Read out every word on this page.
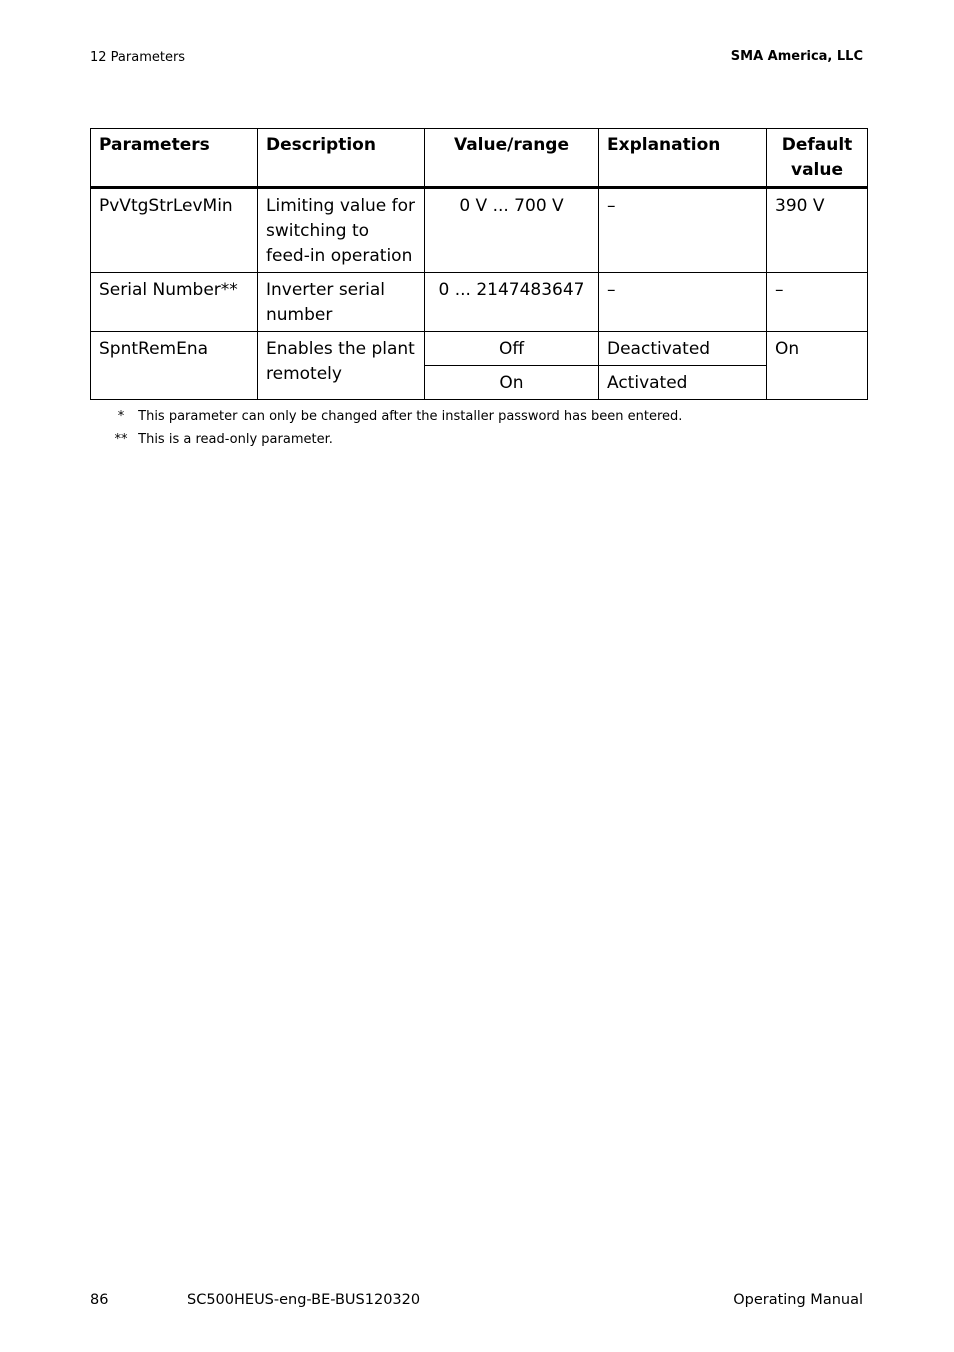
12 Parameters	SMA America, LLC
Parameters	Description	Value/range	Explanation	Default value
PvVtgStrLevMin	Limiting value for switching to feed-in operation	0 V ... 700 V	–	390 V
Serial Number**	Inverter serial number	0 ... 2147483647	–	–
SpntRemEna	Enables the plant remotely	Off	Deactivated	On
		On	Activated	
* This parameter can only be changed after the installer password has been entered.
** This is a read-only parameter.
86	SC500HEUS-eng-BE-BUS120320	Operating Manual
